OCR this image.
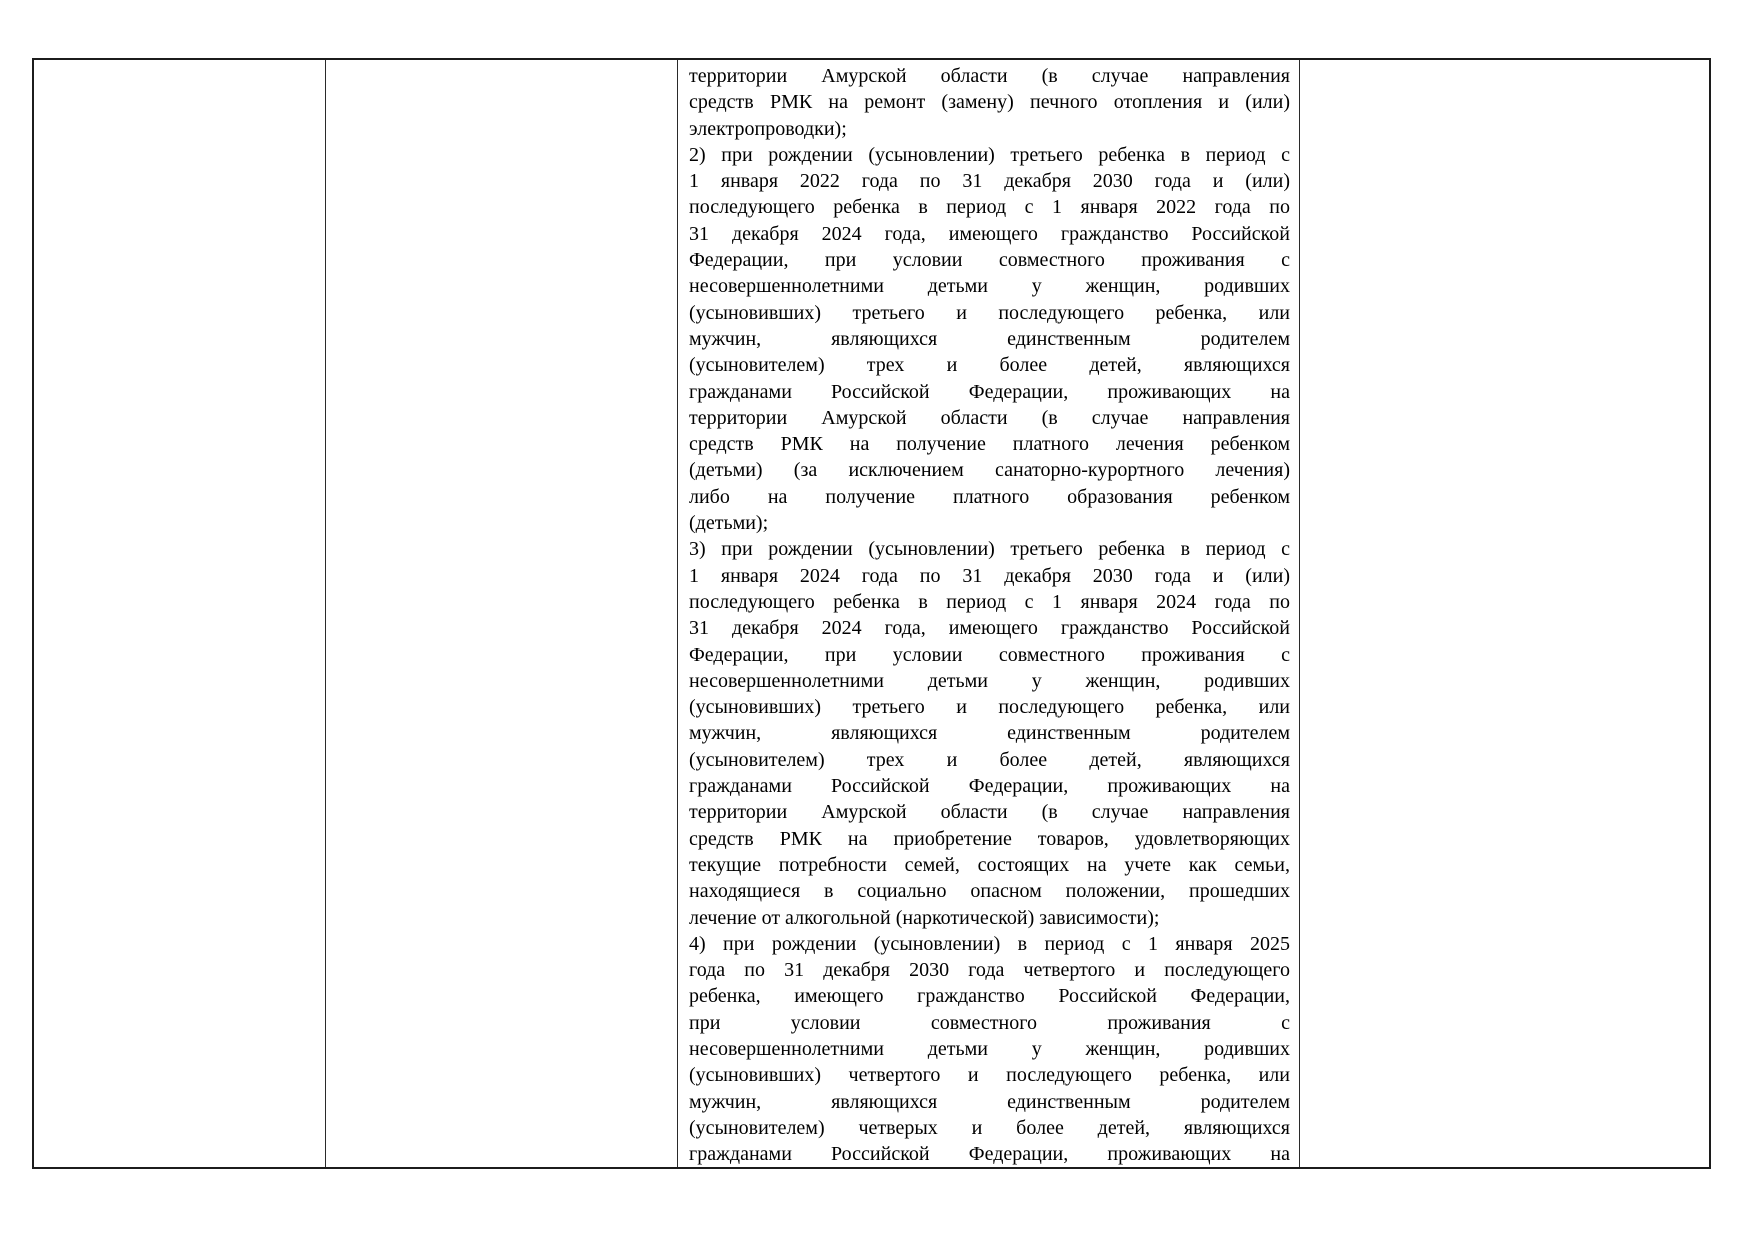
территории Амурской области (в случае направления
средств РМК на ремонт (замену) печного отопления и (или)
электропроводки);
2) при рождении (усыновлении) третьего ребенка в период с
1 января 2022 года по 31 декабря 2030 года и (или)
последующего ребенка в период с 1 января 2022 года по
31 декабря 2024 года, имеющего гражданство Российской
Федерации, при условии совместного проживания с
несовершеннолетними детьми у женщин, родивших
(усыновивших) третьего и последующего ребенка, или
мужчин, являющихся единственным родителем
(усыновителем) трех и более детей, являющихся
гражданами Российской Федерации, проживающих на
территории Амурской области (в случае направления
средств РМК на получение платного лечения ребенком
(детьми) (за исключением санаторно-курортного лечения)
либо на получение платного образования ребенком
(детьми);
3) при рождении (усыновлении) третьего ребенка в период с
1 января 2024 года по 31 декабря 2030 года и (или)
последующего ребенка в период с 1 января 2024 года по
31 декабря 2024 года, имеющего гражданство Российской
Федерации, при условии совместного проживания с
несовершеннолетними детьми у женщин, родивших
(усыновивших) третьего и последующего ребенка, или
мужчин, являющихся единственным родителем
(усыновителем) трех и более детей, являющихся
гражданами Российской Федерации, проживающих на
территории Амурской области (в случае направления
средств РМК на приобретение товаров, удовлетворяющих
текущие потребности семей, состоящих на учете как семьи,
находящиеся в социально опасном положении, прошедших
лечение от алкогольной (наркотической) зависимости);
4) при рождении (усыновлении) в период с 1 января 2025
года по 31 декабря 2030 года четвертого и последующего
ребенка, имеющего гражданство Российской Федерации,
при условии совместного проживания с
несовершеннолетними детьми у женщин, родивших
(усыновивших) четвертого и последующего ребенка, или
мужчин, являющихся единственным родителем
(усыновителем) четверых и более детей, являющихся
гражданами Российской Федерации, проживающих на
